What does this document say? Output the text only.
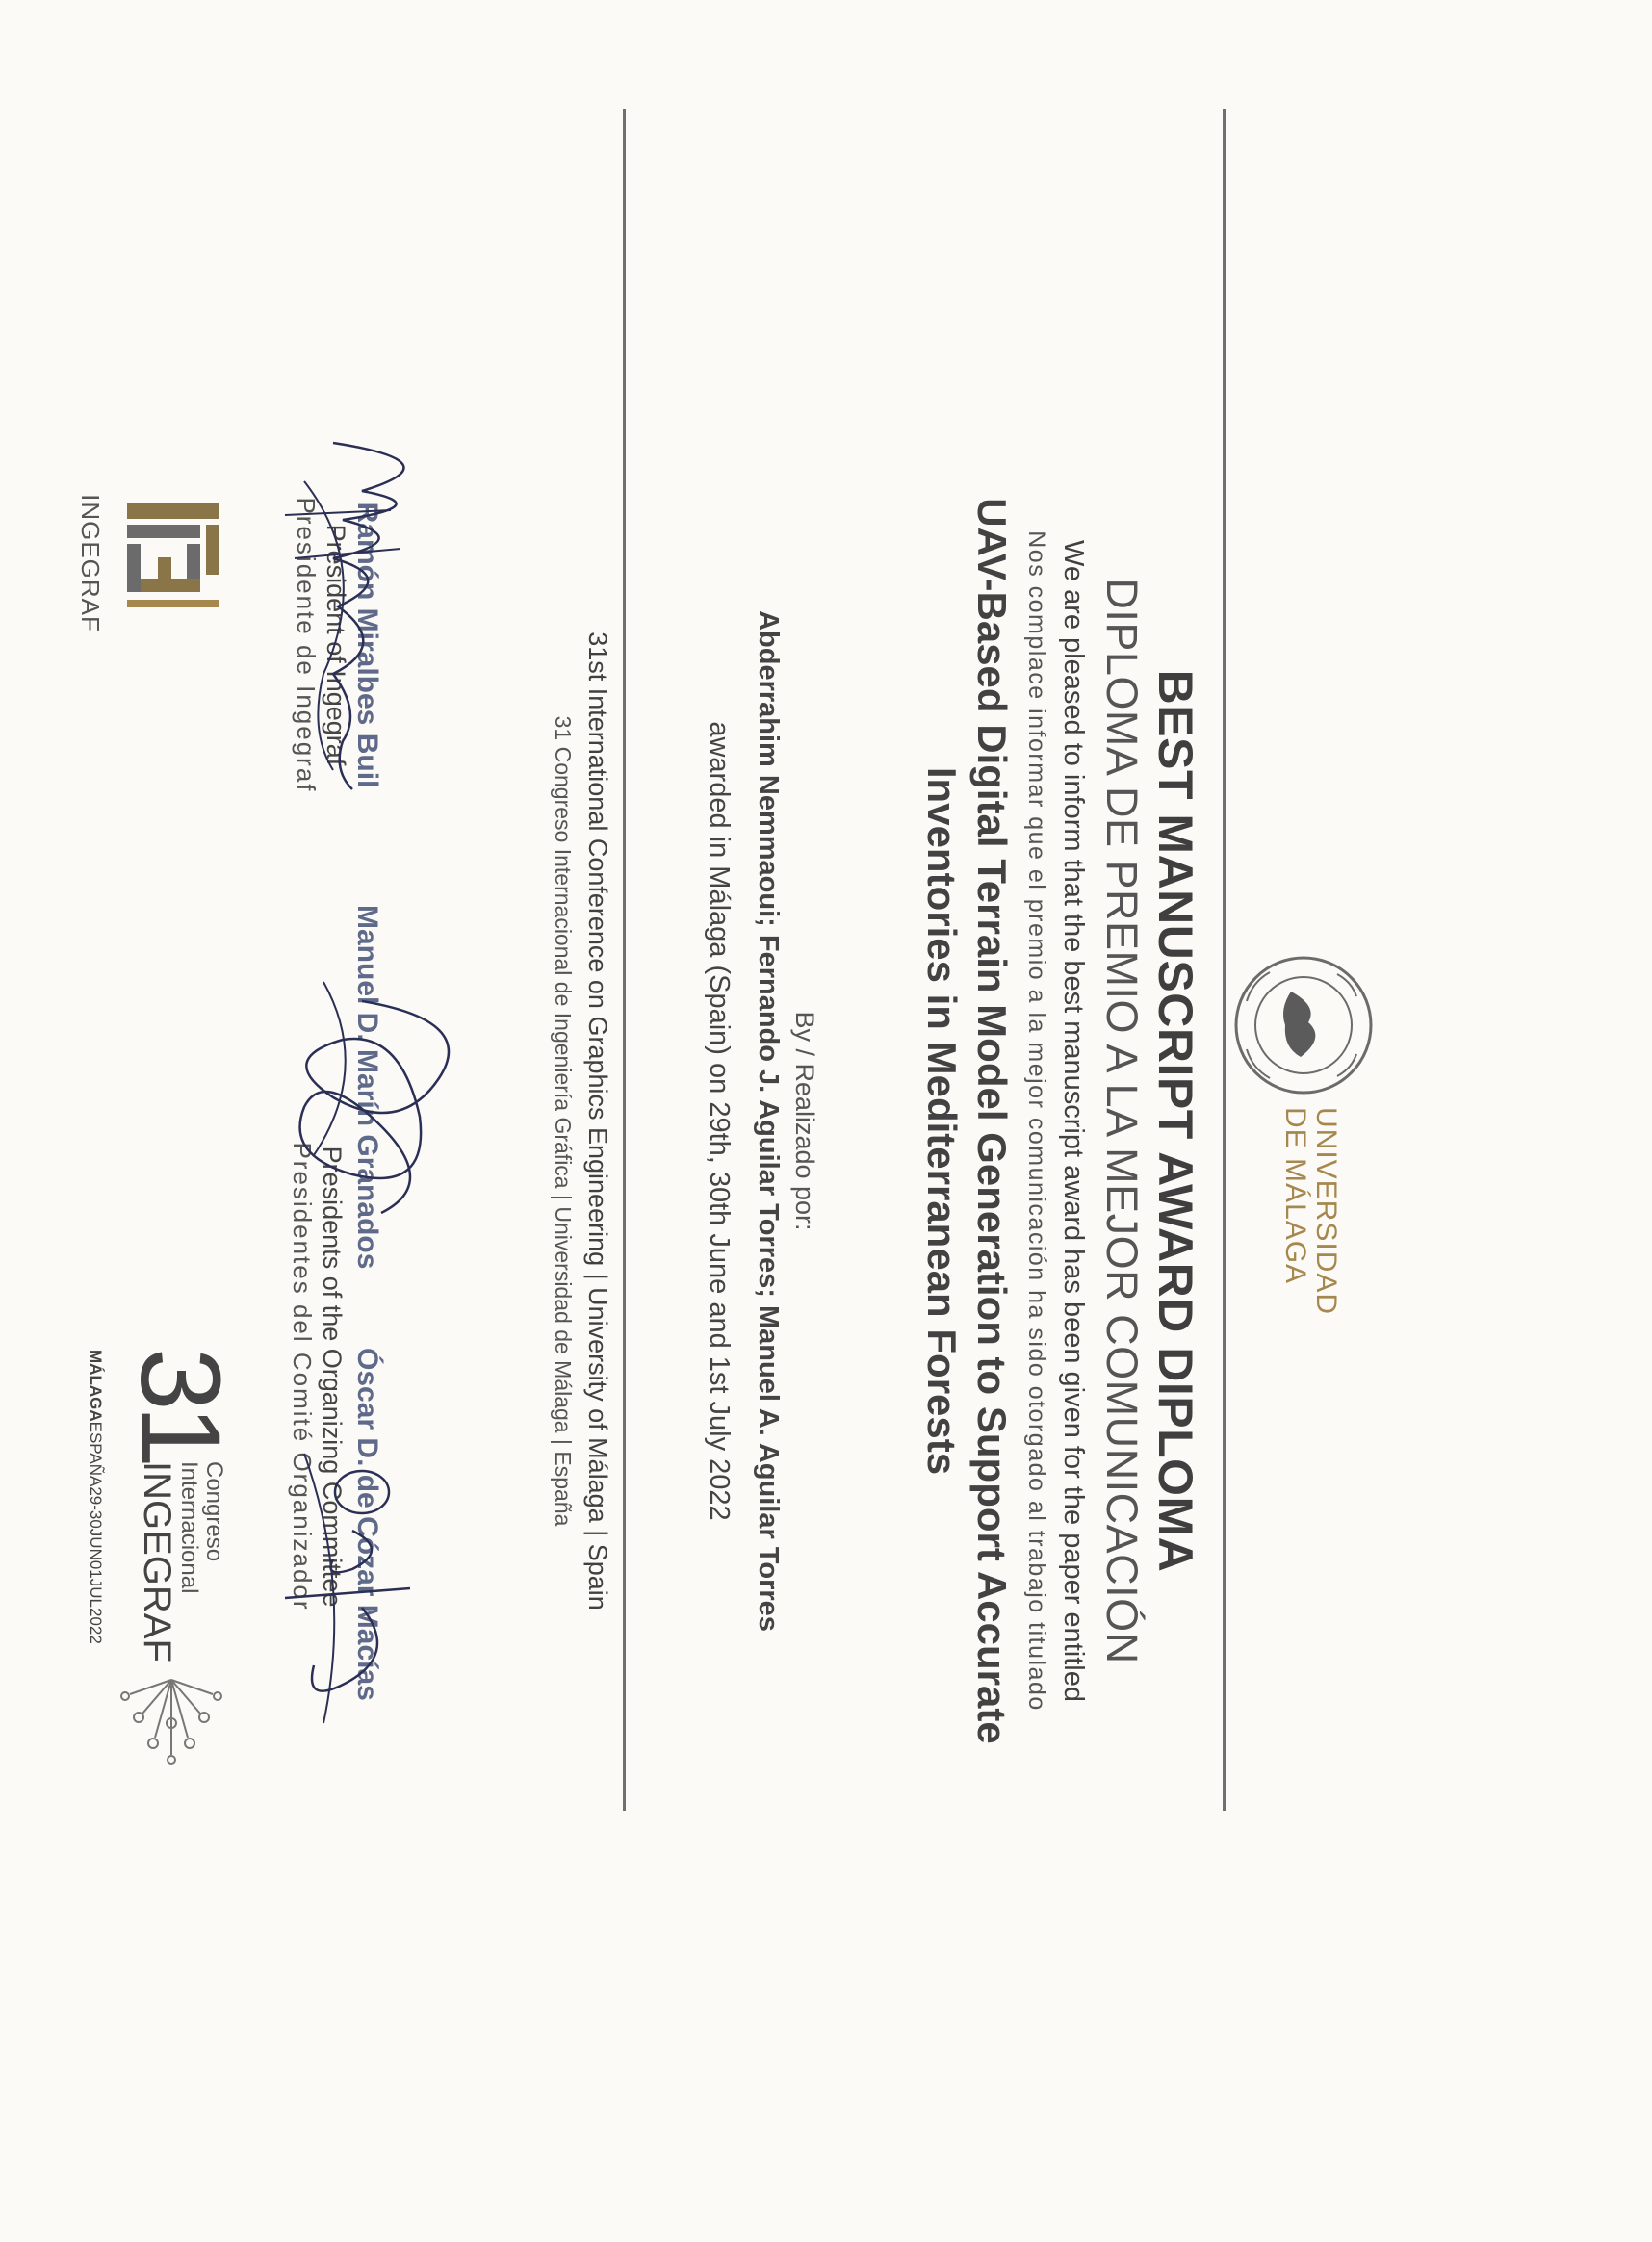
UNIVERSIDAD
DE MÁLAGA
BEST MANUSCRIPT AWARD DIPLOMA
DIPLOMA DE PREMIO A LA MEJOR COMUNICACIÓN
We are pleased to inform that the best manuscript award has been given for the paper entitled
Nos complace informar que el premio a la mejor comunicación ha sido otorgado al trabajo titulado
UAV-Based Digital Terrain Model Generation to Support Accurate
Inventories in Mediterranean Forests
By / Realizado por:
Abderrahim Nemmaoui; Fernando J. Aguilar Torres; Manuel A. Aguilar Torres
awarded in Málaga (Spain) on 29th, 30th June and 1st July 2022
31st International Conference on Graphics Engineering | University of Málaga | Spain
31 Congreso Internacional de Ingeniería Gráfica | Universidad de Málaga | España
Ramón Miralbes Buil
President of Ingegraf
Presidente de Ingegraf
Manuel D. Marín Granados
Óscar D. de Cózar Macías
Presidents of the Organizing Committee
Presidentes del Comité Organizador
INGEGRAF
31
Congreso
Internacional
INGEGRAF
MÁLAGAESPAÑA29-30JUN01JUL2022
